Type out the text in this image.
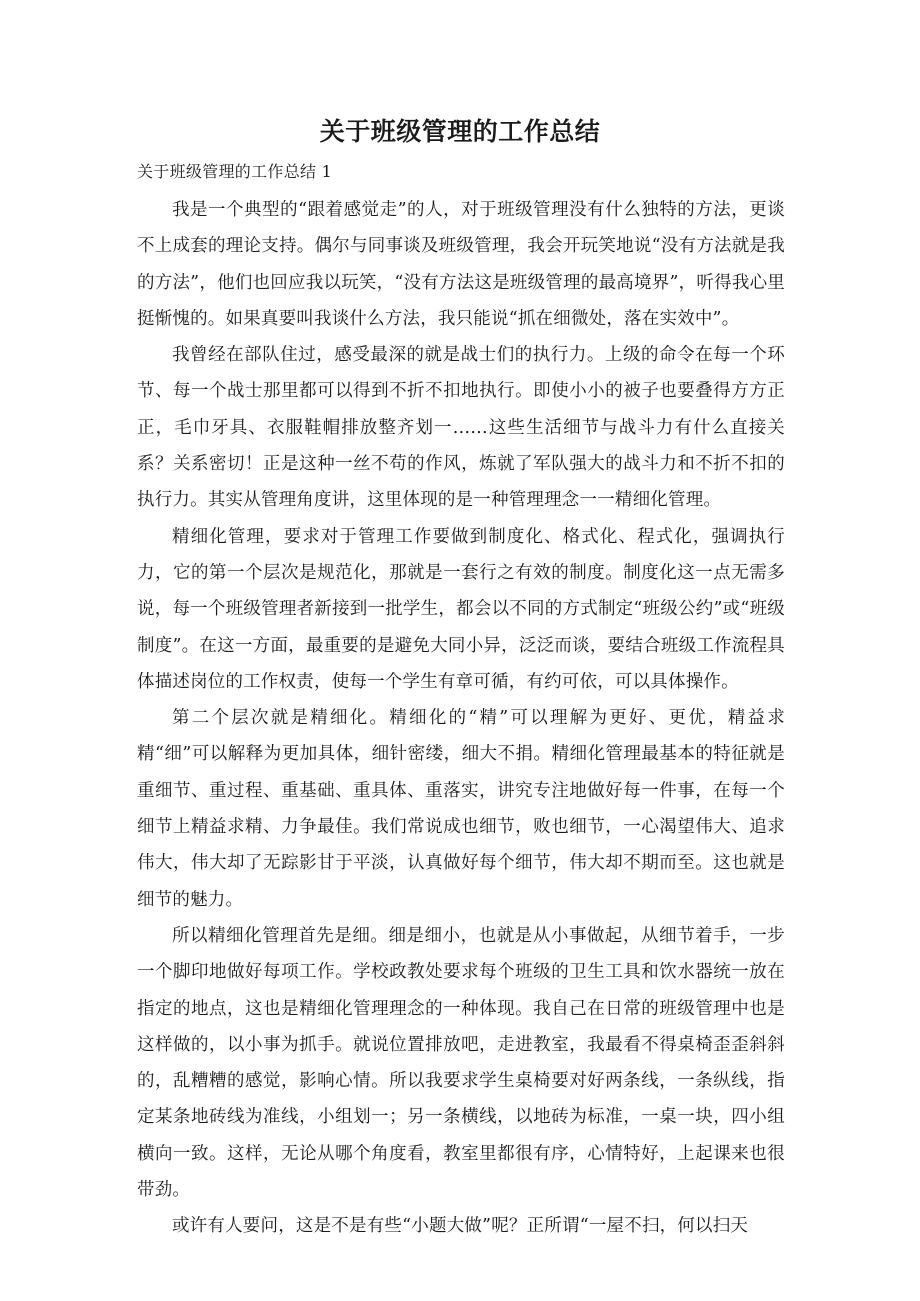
关于班级管理的工作总结

关于班级管理的工作总结 1

我是一个典型的“跟着感觉走”的人，对于班级管理没有什么独特的方法，更谈不上成套的理论支持。偶尔与同事谈及班级管理，我会开玩笑地说“没有方法就是我的方法”，他们也回应我以玩笑，“没有方法这是班级管理的最高境界”，听得我心里挺惭愧的。如果真要叫我谈什么方法，我只能说“抓在细微处，落在实效中”。

我曾经在部队住过，感受最深的就是战士们的执行力。上级的命令在每一个环节、每一个战士那里都可以得到不折不扣地执行。即使小小的被子也要叠得方方正正，毛巾牙具、衣服鞋帽排放整齐划一……这些生活细节与战斗力有什么直接关系？关系密切！正是这种一丝不苟的作风，炼就了军队强大的战斗力和不折不扣的执行力。其实从管理角度讲，这里体现的是一种管理理念一一精细化管理。

精细化管理，要求对于管理工作要做到制度化、格式化、程式化，强调执行力，它的第一个层次是规范化，那就是一套行之有效的制度。制度化这一点无需多说，每一个班级管理者新接到一批学生，都会以不同的方式制定“班级公约”或“班级制度”。在这一方面，最重要的是避免大同小异，泛泛而谈，要结合班级工作流程具体描述岗位的工作权责，使每一个学生有章可循，有约可依，可以具体操作。

第二个层次就是精细化。精细化的“精”可以理解为更好、更优，精益求精“细”可以解释为更加具体，细针密缕，细大不捐。精细化管理最基本的特征就是重细节、重过程、重基础、重具体、重落实，讲究专注地做好每一件事，在每一个细节上精益求精、力争最佳。我们常说成也细节，败也细节，一心渴望伟大、追求伟大，伟大却了无踪影甘于平淡，认真做好每个细节，伟大却不期而至。这也就是细节的魅力。

所以精细化管理首先是细。细是细小，也就是从小事做起，从细节着手，一步一个脚印地做好每项工作。学校政教处要求每个班级的卫生工具和饮水器统一放在指定的地点，这也是精细化管理理念的一种体现。我自己在日常的班级管理中也是这样做的，以小事为抓手。就说位置排放吧，走进教室，我最看不得桌椅歪歪斜斜的，乱糟糟的感觉，影响心情。所以我要求学生桌椅要对好两条线，一条纵线，指定某条地砖线为准线，小组划一；另一条横线，以地砖为标准，一桌一块，四小组横向一致。这样，无论从哪个角度看，教室里都很有序，心情特好，上起课来也很带劲。

或许有人要问，这是不是有些“小题大做”呢？正所谓“一屋不扫，何以扫天
